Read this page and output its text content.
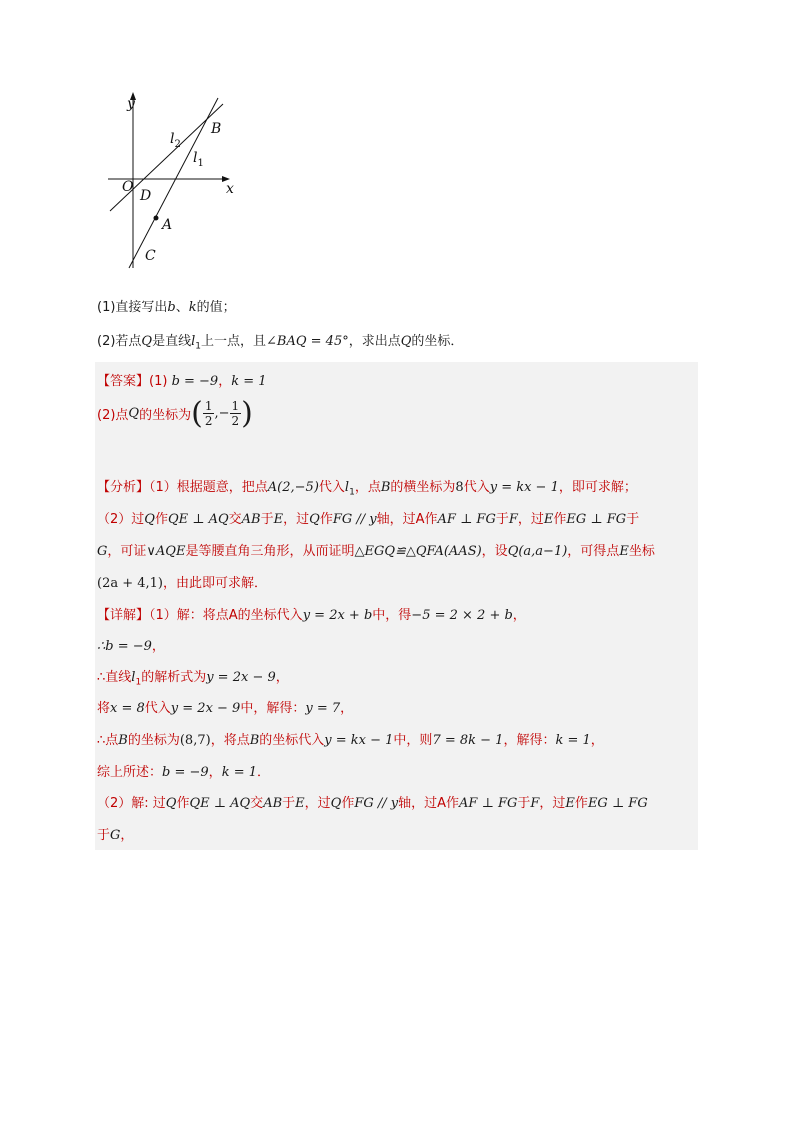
y
x
O
D
A
B
C
$l_2$
$l_1$
(1)直接写出b、k的值；
(2)若点Q是直线$l_1$上一点，且∠BAQ = 45°，求出点Q的坐标．
【答案】(1) b = −9，k = 1
(2)点Q的坐标为( $\frac{1}{2}$ ,− $\frac{1}{2}$ )
【分析】（1）根据题意，把点A(2,−5)代入$l_1$，点B的横坐标为8代入y = kx − 1，即可求解；
（2）过Q作QE ⊥ AQ交AB于E，过Q作FG // y轴，过A作AF ⊥ FG于F，过E作EG ⊥ FG于
G，可证∨AQE是等腰直角三角形，从而证明△EGQ≌△QFA(AAS)，设Q(a,a−1)，可得点E坐标
(2a + 4,1)，由此即可求解．
【详解】（1）解：将点A的坐标代入y = 2x + b中，得−5 = 2 × 2 + b，
∴b = −9，
∴直线$l_1$的解析式为y = 2x − 9，
将x = 8代入y = 2x − 9中，解得：y = 7，
∴点B的坐标为(8,7)，将点B的坐标代入y = kx − 1中，则7 = 8k − 1，解得：k = 1，
综上所述：b = −9，k = 1．
（2）解: 过Q作QE ⊥ AQ交AB于E，过Q作FG // y轴，过A作AF ⊥ FG于F，过E作EG ⊥ FG
于G，
